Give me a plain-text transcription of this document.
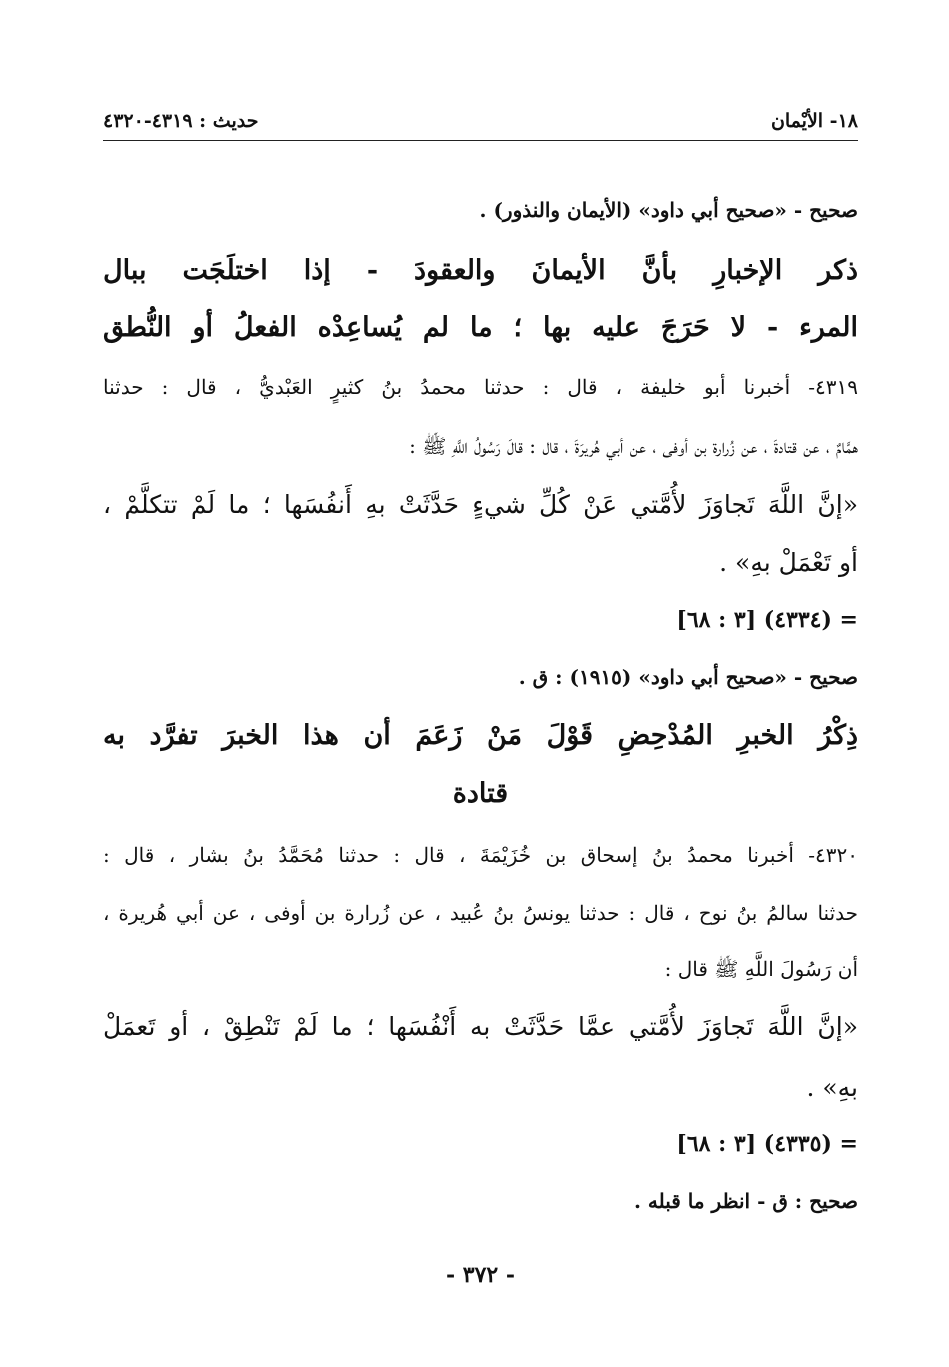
١٨- الأيْمان
حديث : ٤٣١٩-٤٣٢٠
صحيح - «صحيح أبي داود» (الأيمان والنذور) .
ذكر الإخبارِ بأنَّ الأيمانَ والعقودَ - إذا اختلَجَت ببال
المرء - لا حَرَجَ عليه بها ؛ ما لم يُساعِدْه الفعلُ أو النُّطق
٤٣١٩- أخبرنا أبو خليفة ، قال : حدثنا محمدُ بنُ كثيرٍ العَبْديُّ ، قال : حدثنا
همَّامٌ ، عن قتادةَ ، عن زُرارة بن أوفى ، عن أبي هُريرَةَ ، قال : قالَ رَسُولُ اللَّهِ ﷺ :
«إنَّ اللَّهَ تَجاوَزَ لأُمَّتي عَنْ كُلِّ شيءٍ حَدَّثَتْ بهِ أَنفُسَها ؛ ما لَمْ تتكلَّمْ ،
أو تَعْمَلْ بهِ» .
= (٤٣٣٤) [٣ : ٦٨]
صحيح - «صحيح أبي داود» (١٩١٥) : ق .
ذِكْرُ الخبرِ المُدْحِضِ قَوْلَ مَنْ زَعَمَ أن هذا الخبرَ تفرَّد به
قتادة
٤٣٢٠- أخبرنا محمدُ بنُ إسحاق بن خُزَيْمَةَ ، قال : حدثنا مُحَمَّدُ بنُ بشار ، قال :
حدثنا سالمُ بنُ نوح ، قال : حدثنا يونسُ بنُ عُبيد ، عن زُرارة بن أوفى ، عن أبي هُريرة ،
أن رَسُولَ اللَّهِ ﷺ قال :
«إنَّ اللَّهَ تَجاوَزَ لأُمَّتي عمَّا حَدَّثَتْ به أَنْفُسَها ؛ ما لَمْ تَنْطِقْ ، أو تَعمَلْ
بهِ» .
= (٤٣٣٥) [٣ : ٦٨]
صحيح : ق - انظر ما قبله .
- ٣٧٢ -
